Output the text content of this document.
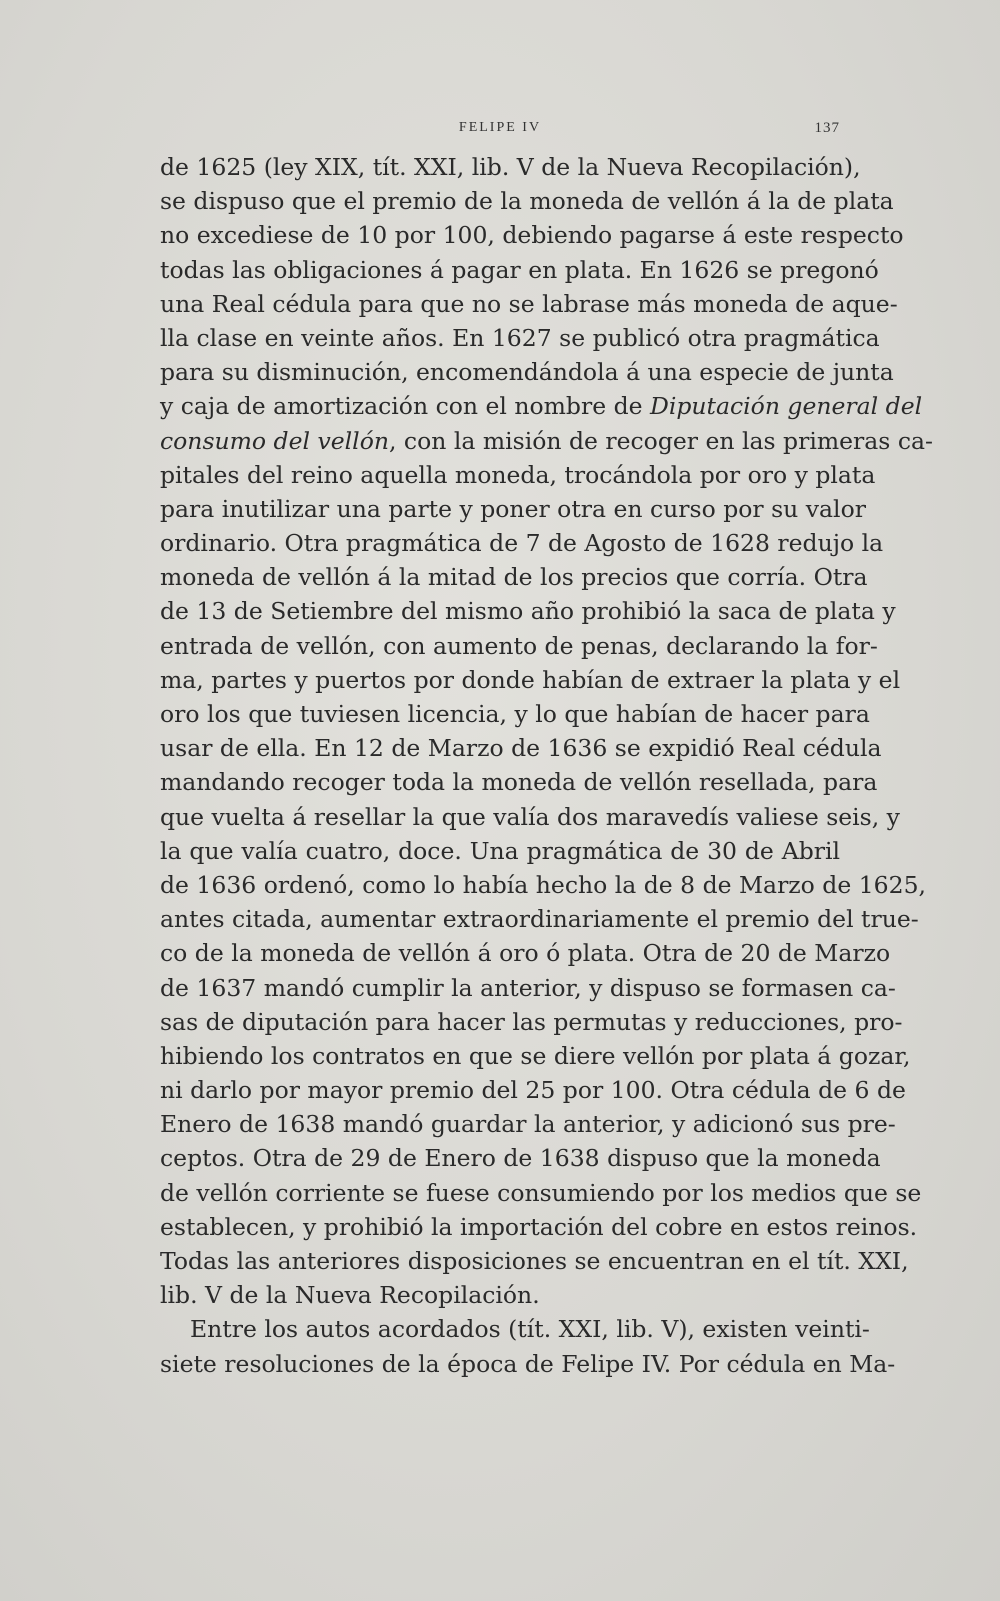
FELIPE IV	137
de 1625 (ley XIX, tít. XXI, lib. V de la Nueva Recopilación),
se dispuso que el premio de la moneda de vellón á la de plata
no excediese de 10 por 100, debiendo pagarse á este respecto
todas las obligaciones á pagar en plata. En 1626 se pregonó
una Real cédula para que no se labrase más moneda de aque-
lla clase en veinte años. En 1627 se publicó otra pragmática
para su disminución, encomendándola á una especie de junta
y caja de amortización con el nombre de Diputación general del
consumo del vellón, con la misión de recoger en las primeras ca-
pitales del reino aquella moneda, trocándola por oro y plata
para inutilizar una parte y poner otra en curso por su valor
ordinario. Otra pragmática de 7 de Agosto de 1628 redujo la
moneda de vellón á la mitad de los precios que corría. Otra
de 13 de Setiembre del mismo año prohibió la saca de plata y
entrada de vellón, con aumento de penas, declarando la for-
ma, partes y puertos por donde habían de extraer la plata y el
oro los que tuviesen licencia, y lo que habían de hacer para
usar de ella. En 12 de Marzo de 1636 se expidió Real cédula
mandando recoger toda la moneda de vellón resellada, para
que vuelta á resellar la que valía dos maravedís valiese seis, y
la que valía cuatro, doce. Una pragmática de 30 de Abril
de 1636 ordenó, como lo había hecho la de 8 de Marzo de 1625,
antes citada, aumentar extraordinariamente el premio del true-
co de la moneda de vellón á oro ó plata. Otra de 20 de Marzo
de 1637 mandó cumplir la anterior, y dispuso se formasen ca-
sas de diputación para hacer las permutas y reducciones, pro-
hibiendo los contratos en que se diere vellón por plata á gozar,
ni darlo por mayor premio del 25 por 100. Otra cédula de 6 de
Enero de 1638 mandó guardar la anterior, y adicionó sus pre-
ceptos. Otra de 29 de Enero de 1638 dispuso que la moneda
de vellón corriente se fuese consumiendo por los medios que se
establecen, y prohibió la importación del cobre en estos reinos.
Todas las anteriores disposiciones se encuentran en el tít. XXI,
lib. V de la Nueva Recopilación.
Entre los autos acordados (tít. XXI, lib. V), existen veinti-
siete resoluciones de la época de Felipe IV. Por cédula en Ma-
